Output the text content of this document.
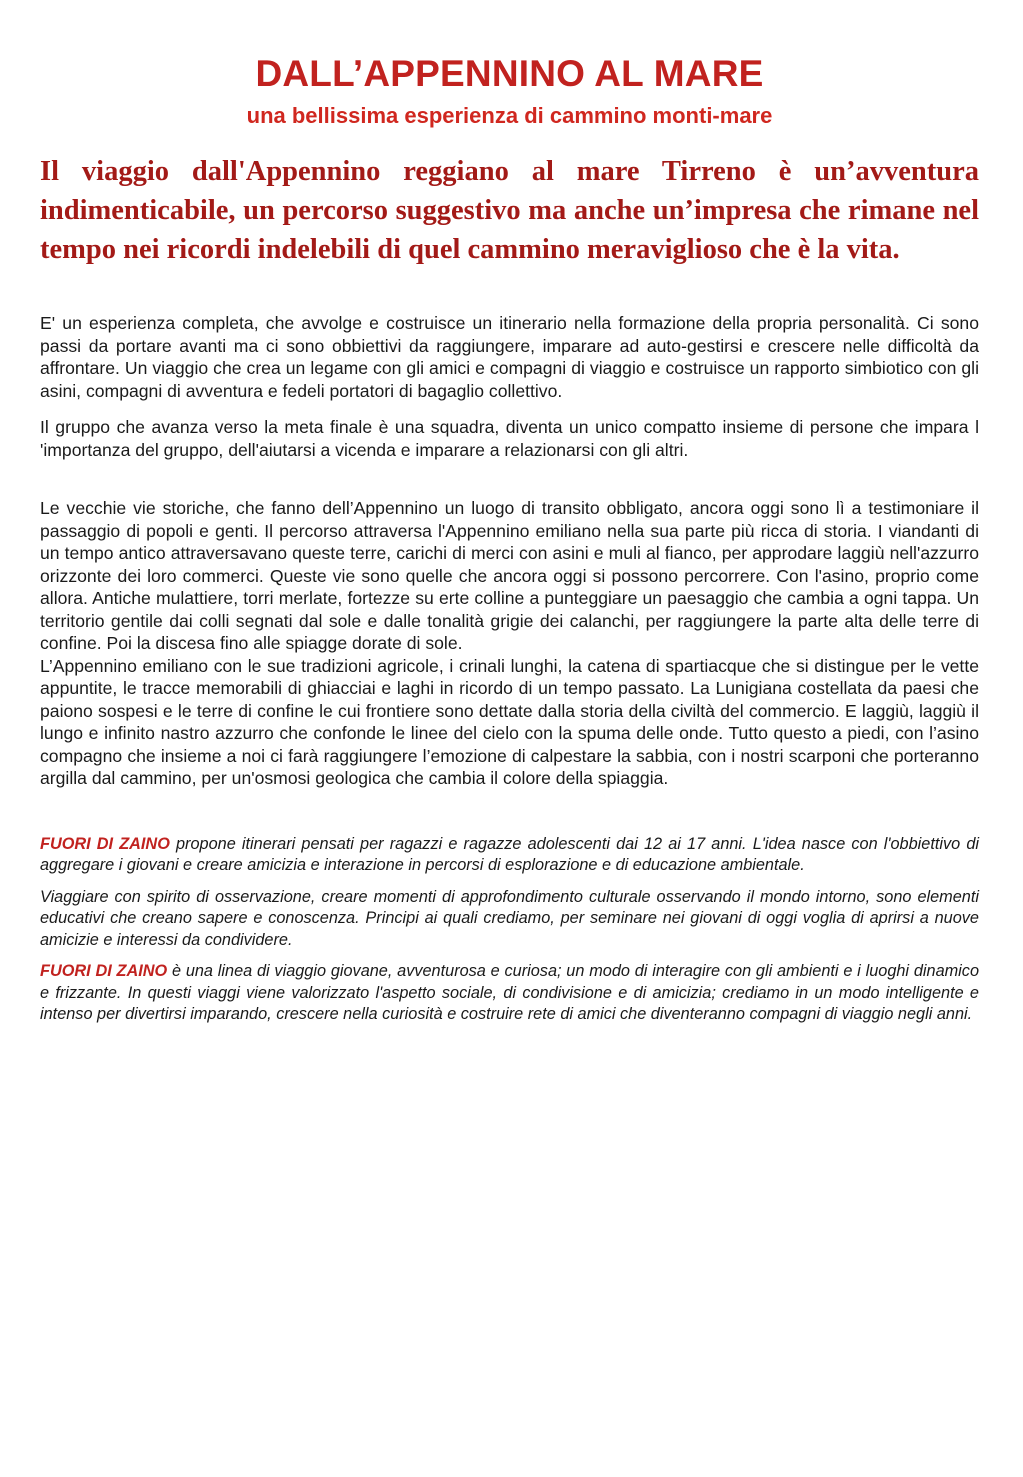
DALL’APPENNINO AL MARE
una bellissima esperienza di cammino monti-mare

Il viaggio dall'Appennino reggiano al mare Tirreno è un’avventura indimenticabile, un percorso suggestivo ma anche un’impresa che rimane nel tempo nei ricordi indelebili di quel cammino meraviglioso che è la vita.

E' un esperienza completa, che avvolge e costruisce un itinerario nella formazione della propria personalità. Ci sono passi da portare avanti ma ci sono obbiettivi da raggiungere, imparare ad auto-gestirsi e crescere nelle difficoltà da affrontare. Un viaggio che crea un legame con gli amici e compagni di viaggio e costruisce un rapporto simbiotico con gli asini, compagni di avventura e fedeli portatori di bagaglio collettivo.

Il gruppo che avanza verso la meta finale è una squadra, diventa un unico compatto insieme di persone che impara l 'importanza del gruppo, dell'aiutarsi a vicenda e imparare a relazionarsi con gli altri.

Le vecchie vie storiche, che fanno dell’Appennino un luogo di transito obbligato, ancora oggi sono lì a testimoniare il passaggio di popoli e genti. Il percorso attraversa l'Appennino emiliano nella sua parte più ricca di storia. I viandanti di un tempo antico attraversavano queste terre, carichi di merci con asini e muli al fianco, per approdare laggiù nell'azzurro orizzonte dei loro commerci. Queste vie sono quelle che ancora oggi si possono percorrere. Con l'asino, proprio come allora. Antiche mulattiere, torri merlate, fortezze su erte colline a punteggiare un paesaggio che cambia a ogni tappa. Un territorio gentile dai colli segnati dal sole e dalle tonalità grigie dei calanchi, per raggiungere la parte alta delle terre di confine. Poi la discesa fino alle spiagge dorate di sole.

L’Appennino emiliano con le sue tradizioni agricole, i crinali lunghi, la catena di spartiacque che si distingue per le vette appuntite, le tracce memorabili di ghiacciai e laghi in ricordo di un tempo passato. La Lunigiana costellata da paesi che paiono sospesi e le terre di confine le cui frontiere sono dettate dalla storia della civiltà del commercio. E laggiù, laggiù il lungo e infinito nastro azzurro che confonde le linee del cielo con la spuma delle onde. Tutto questo a piedi, con l’asino compagno che insieme a noi ci farà raggiungere l’emozione di calpestare la sabbia, con i nostri scarponi che porteranno argilla dal cammino, per un'osmosi geologica che cambia il colore della spiaggia.

FUORI DI ZAINO propone itinerari pensati per ragazzi e ragazze adolescenti dai 12 ai 17 anni. L'idea nasce con l'obbiettivo di aggregare i giovani e creare amicizia e interazione in percorsi di esplorazione e di educazione ambientale.

Viaggiare con spirito di osservazione, creare momenti di approfondimento culturale osservando il mondo intorno, sono elementi educativi che creano sapere e conoscenza. Principi ai quali crediamo, per seminare nei giovani di oggi voglia di aprirsi a nuove amicizie e interessi da condividere.

FUORI DI ZAINO è una linea di viaggio giovane, avventurosa e curiosa; un modo di interagire con gli ambienti e i luoghi dinamico e frizzante. In questi viaggi viene valorizzato l'aspetto sociale, di condivisione e di amicizia; crediamo in un modo intelligente e intenso per divertirsi imparando, crescere nella curiosità e costruire rete di amici che diventeranno compagni di viaggio negli anni.
